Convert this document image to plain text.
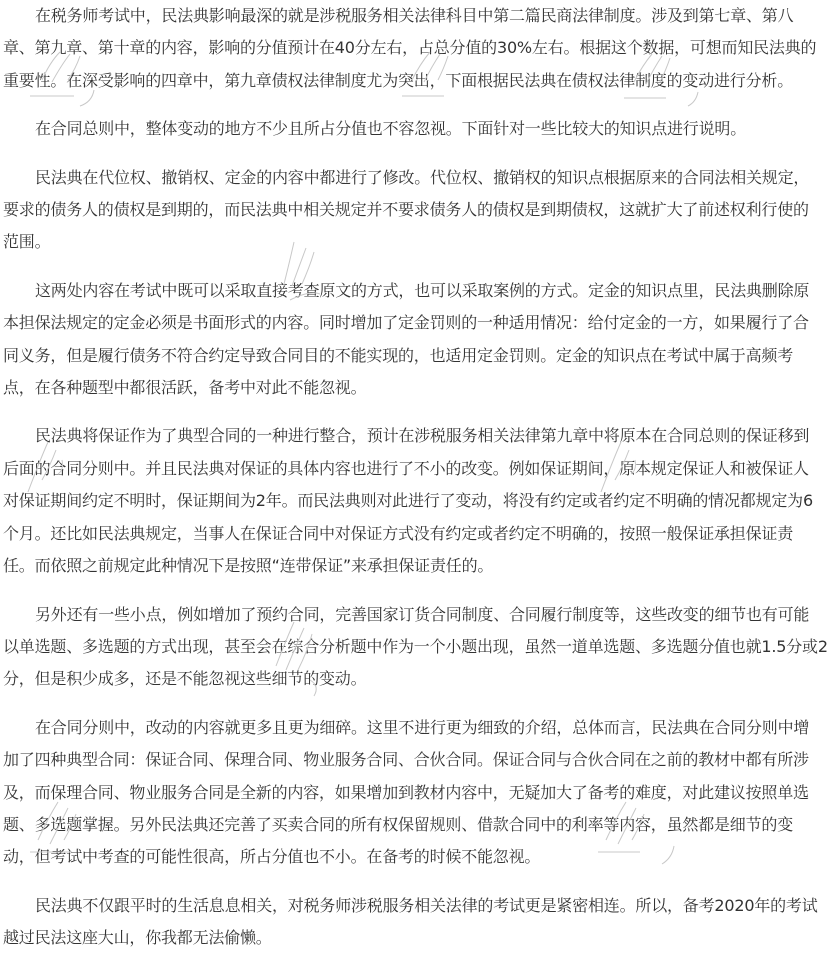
在税务师考试中，民法典影响最深的就是涉税服务相关法律科目中第二篇民商法律制度。涉及到第七章、第八
章、第九章、第十章的内容，影响的分值预计在40分左右，占总分值的30%左右。根据这个数据，可想而知民法典的
重要性。在深受影响的四章中，第九章债权法律制度尤为突出，下面根据民法典在债权法律制度的变动进行分析。

在合同总则中，整体变动的地方不少且所占分值也不容忽视。下面针对一些比较大的知识点进行说明。

民法典在代位权、撤销权、定金的内容中都进行了修改。代位权、撤销权的知识点根据原来的合同法相关规定，
要求的债务人的债权是到期的，而民法典中相关规定并不要求债务人的债权是到期债权，这就扩大了前述权利行使的
范围。

这两处内容在考试中既可以采取直接考查原文的方式，也可以采取案例的方式。定金的知识点里，民法典删除原
本担保法规定的定金必须是书面形式的内容。同时增加了定金罚则的一种适用情况：给付定金的一方，如果履行了合
同义务，但是履行债务不符合约定导致合同目的不能实现的，也适用定金罚则。定金的知识点在考试中属于高频考
点，在各种题型中都很活跃，备考中对此不能忽视。

民法典将保证作为了典型合同的一种进行整合，预计在涉税服务相关法律第九章中将原本在合同总则的保证移到
后面的合同分则中。并且民法典对保证的具体内容也进行了不小的改变。例如保证期间，原本规定保证人和被保证人
对保证期间约定不明时，保证期间为2年。而民法典则对此进行了变动，将没有约定或者约定不明确的情况都规定为6
个月。还比如民法典规定，当事人在保证合同中对保证方式没有约定或者约定不明确的，按照一般保证承担保证责
任。而依照之前规定此种情况下是按照“连带保证”来承担保证责任的。

另外还有一些小点，例如增加了预约合同，完善国家订货合同制度、合同履行制度等，这些改变的细节也有可能
以单选题、多选题的方式出现，甚至会在综合分析题中作为一个小题出现，虽然一道单选题、多选题分值也就1.5分或2
分，但是积少成多，还是不能忽视这些细节的变动。

在合同分则中，改动的内容就更多且更为细碎。这里不进行更为细致的介绍，总体而言，民法典在合同分则中增
加了四种典型合同：保证合同、保理合同、物业服务合同、合伙合同。保证合同与合伙合同在之前的教材中都有所涉
及，而保理合同、物业服务合同是全新的内容，如果增加到教材内容中，无疑加大了备考的难度，对此建议按照单选
题、多选题掌握。另外民法典还完善了买卖合同的所有权保留规则、借款合同中的利率等内容，虽然都是细节的变
动，但考试中考查的可能性很高，所占分值也不小。在备考的时候不能忽视。

民法典不仅跟平时的生活息息相关，对税务师涉税服务相关法律的考试更是紧密相连。所以，备考2020年的考试
越过民法这座大山，你我都无法偷懒。
